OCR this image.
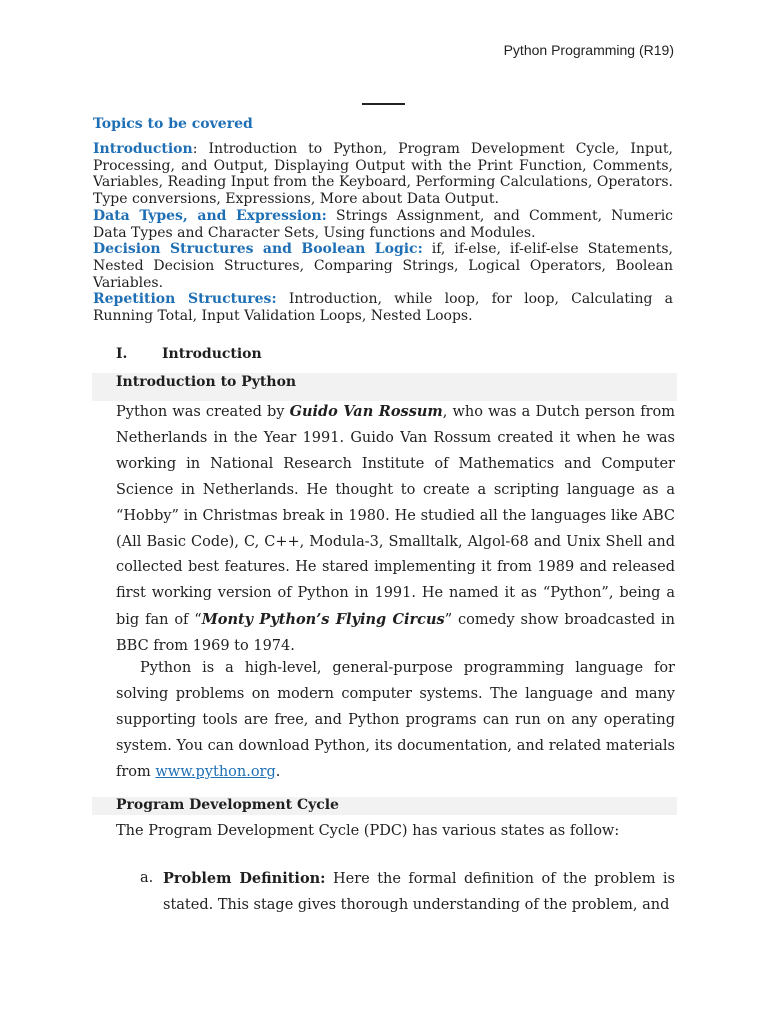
Python Programming (R19)
Topics to be covered

Introduction: Introduction to Python, Program Development Cycle, Input, Processing, and Output, Displaying Output with the Print Function, Comments, Variables, Reading Input from the Keyboard, Performing Calculations, Operators. Type conversions, Expressions, More about Data Output.

Data Types, and Expression: Strings Assignment, and Comment, Numeric Data Types and Character Sets, Using functions and Modules.

Decision Structures and Boolean Logic: if, if-else, if-elif-else Statements, Nested Decision Structures, Comparing Strings, Logical Operators, Boolean Variables.

Repetition Structures: Introduction, while loop, for loop, Calculating a Running Total, Input Validation Loops, Nested Loops.

I. Introduction
Introduction to Python

Python was created by Guido Van Rossum, who was a Dutch person from Netherlands in the Year 1991. Guido Van Rossum created it when he was working in National Research Institute of Mathematics and Computer Science in Netherlands. He thought to create a scripting language as a “Hobby” in Christmas break in 1980. He studied all the languages like ABC (All Basic Code), C, C++, Modula-3, Smalltalk, Algol-68 and Unix Shell and collected best features. He stared implementing it from 1989 and released first working version of Python in 1991. He named it as “Python”, being a big fan of “Monty Python’s Flying Circus” comedy show broadcasted in BBC from 1969 to 1974.

Python is a high-level, general-purpose programming language for solving problems on modern computer systems. The language and many supporting tools are free, and Python programs can run on any operating system. You can download Python, its documentation, and related materials from www.python.org.

Program Development Cycle
The Program Development Cycle (PDC) has various states as follow:
a. Problem Definition: Here the formal definition of the problem is stated. This stage gives thorough understanding of the problem, and
